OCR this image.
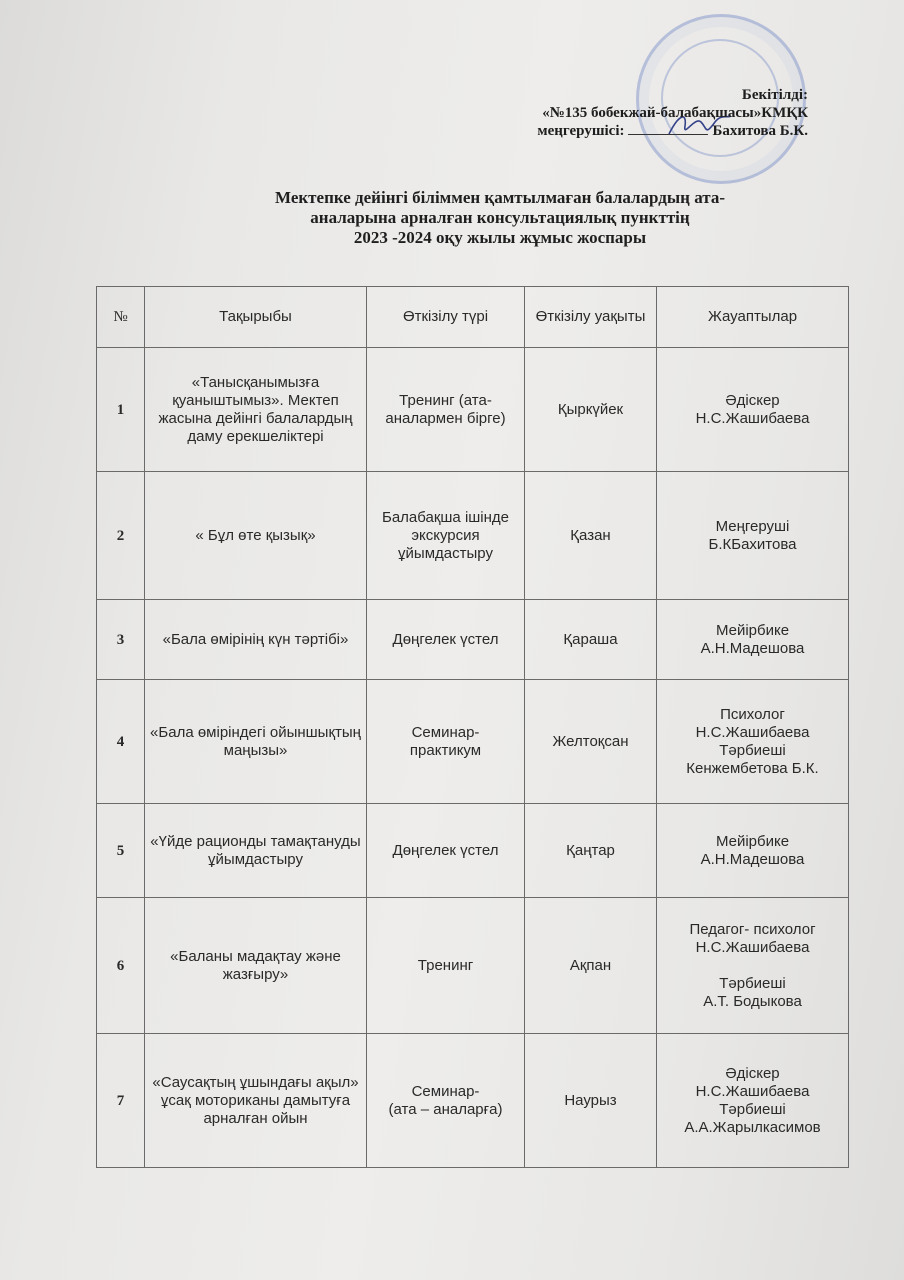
Бекітілді:
«№135 бобекжай-балабақшасы»КМҚК
меңгерушісі:	Бахитова Б.К.
Мектепке дейінгі біліммен қамтылмаған балалардың ата-
аналарына арналған консультациялық пункттің
2023 -2024 оқу жылы жұмыс жоспары
№	Тақырыбы	Өткізілу түрі	Өткізілу уақыты	Жауаптылар
1	«Танысқанымызға қуаныштымыз». Мектеп жасына дейінгі балалардың даму ерекшеліктері	Тренинг (ата-аналармен бірге)	Қыркүйек	Әдіскер
Н.С.Жашибаева
2	« Бұл өте қызық»	Балабақша ішінде экскурсия ұйымдастыру	Қазан	Меңгеруші
Б.КБахитова
3	«Бала өмірінің күн тәртібі»	Дөңгелек үстел	Қараша	Мейірбике
А.Н.Мадешова
4	«Бала өміріндегі ойыншықтың маңызы»	Семинар-
практикум	Желтоқсан	Психолог
Н.С.Жашибаева
Тәрбиеші
Кенжембетова Б.К.
5	«Үйде рационды тамақтануды ұйымдастыру	Дөңгелек үстел	Қаңтар	Мейірбике
А.Н.Мадешова
6	«Баланы мадақтау және жазғыру»	Тренинг	Ақпан	Педагог- психолог
Н.С.Жашибаева

Тәрбиеші
А.Т. Бодыкова
7	«Саусақтың ұшындағы ақыл» ұсақ моториканы дамытуға арналған ойын	Семинар-
(ата – аналарға)	Наурыз	Әдіскер
Н.С.Жашибаева
Тәрбиеші
А.А.Жарылкасимов
